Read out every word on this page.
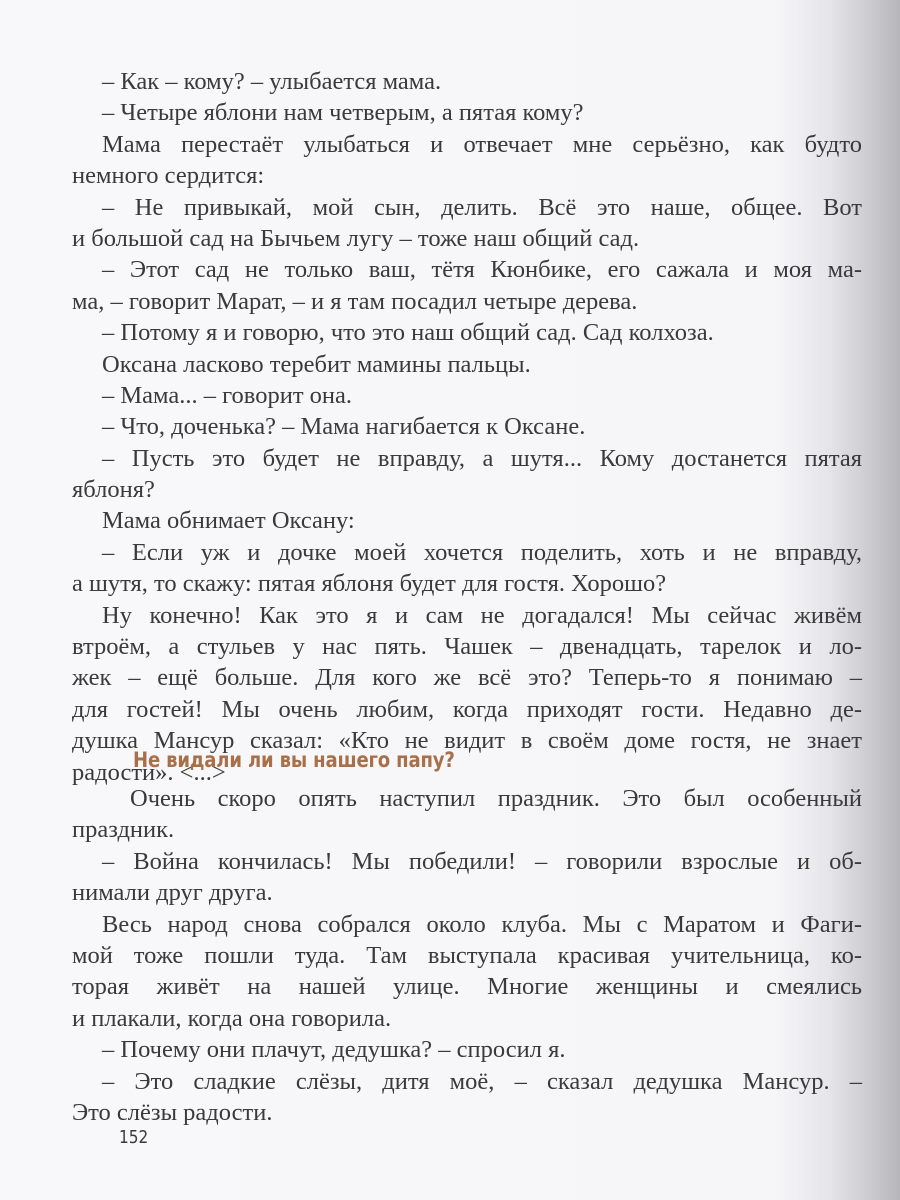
– Как – кому? – улыбается мама.
– Четыре яблони нам четверым, а пятая кому?
Мама перестаёт улыбаться и отвечает мне серьёзно, как будто
немного сердится:
– Не привыкай, мой сын, делить. Всё это наше, общее. Вот
и большой сад на Бычьем лугу – тоже наш общий сад.
– Этот сад не только ваш, тётя Кюнбике, его сажала и моя ма-
ма, – говорит Марат, – и я там посадил четыре дерева.
– Потому я и говорю, что это наш общий сад. Сад колхоза.
Оксана ласково теребит мамины пальцы.
– Мама... – говорит она.
– Что, доченька? – Мама нагибается к Оксане.
– Пусть это будет не вправду, а шутя... Кому достанется пятая
яблоня?
Мама обнимает Оксану:
– Если уж и дочке моей хочется поделить, хоть и не вправду,
а шутя, то скажу: пятая яблоня будет для гостя. Хорошо?
Ну конечно! Как это я и сам не догадался! Мы сейчас живём
втроём, а стульев у нас пять. Чашек – двенадцать, тарелок и ло-
жек – ещё больше. Для кого же всё это? Теперь-то я понимаю –
для гостей! Мы очень любим, когда приходят гости. Недавно де-
душка Мансур сказал: «Кто не видит в своём доме гостя, не знает
радости». <...>
Не видали ли вы нашего папу?
Очень скоро опять наступил праздник. Это был особенный
праздник.
– Война кончилась! Мы победили! – говорили взрослые и об-
нимали друг друга.
Весь народ снова собрался около клуба. Мы с Маратом и Фаги-
мой тоже пошли туда. Там выступала красивая учительница, ко-
торая живёт на нашей улице. Многие женщины и смеялись
и плакали, когда она говорила.
– Почему они плачут, дедушка? – спросил я.
– Это сладкие слёзы, дитя моё, – сказал дедушка Мансур. –
Это слёзы радости.
152
